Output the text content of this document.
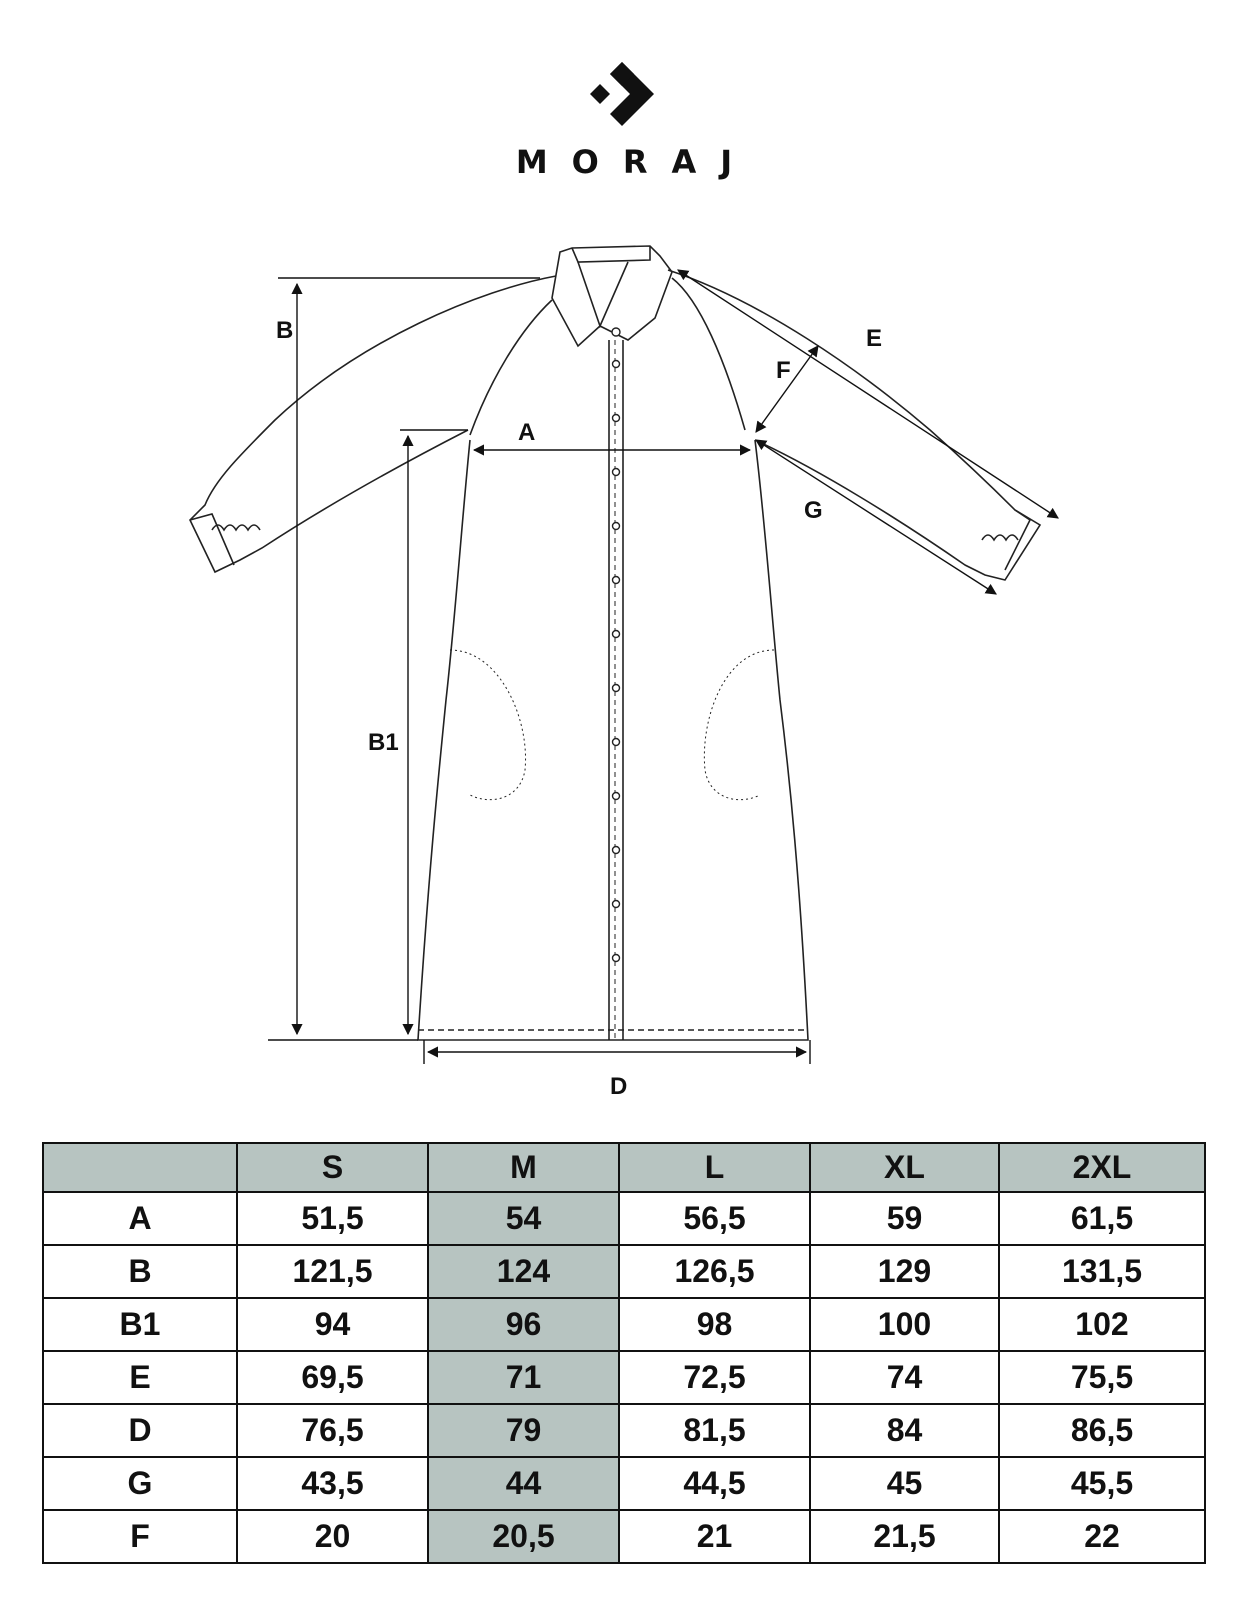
MORAJ
B
B1
A
D
E
F
G
	S	M	L	XL	2XL
A	51,5	54	56,5	59	61,5
B	121,5	124	126,5	129	131,5
B1	94	96	98	100	102
E	69,5	71	72,5	74	75,5
D	76,5	79	81,5	84	86,5
G	43,5	44	44,5	45	45,5
F	20	20,5	21	21,5	22
